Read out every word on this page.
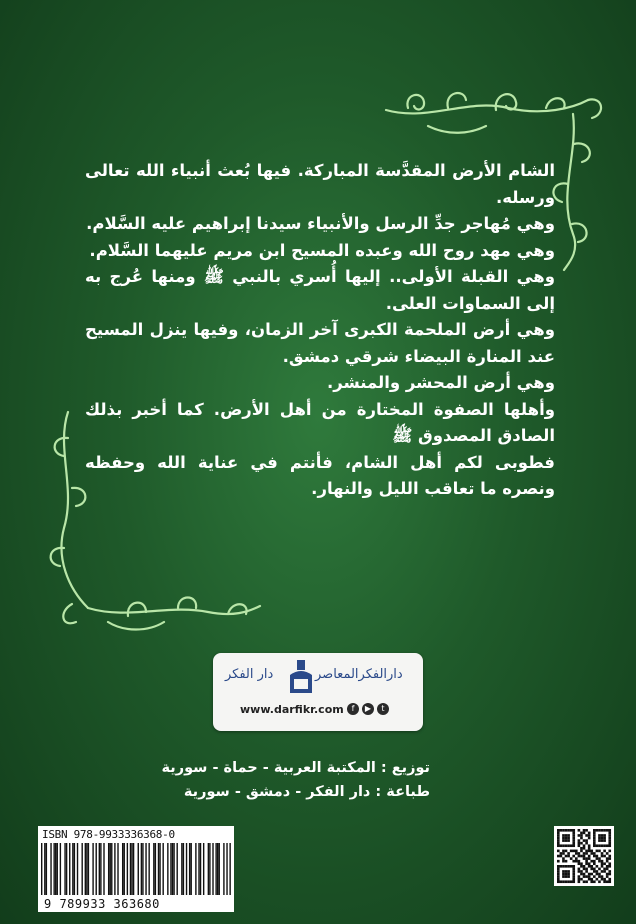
الشام الأرض المقدَّسة المباركة. فيها بُعث أنبياء الله تعالى ورسله.

وهي مُهاجر جدِّ الرسل والأنبياء سيدنا إبراهيم عليه السَّلام.

وهي مهد روح الله وعبده المسيح ابن مريم عليهما السَّلام.

وهي القبلة الأولى.. إليها أُسري بالنبي ﷺ ومنها عُرج به إلى السماوات العلى.

وهي أرض الملحمة الكبرى آخر الزمان، وفيها ينزل المسيح عند المنارة البيضاء شرقي دمشق.

وهي أرض المحشر والمنشر.

وأهلها الصفوة المختارة من أهل الأرض. كما أخبر بذلك الصادق المصدوق ﷺ

فطوبى لكم أهل الشام، فأنتم في عناية الله وحفظه ونصره ما تعاقب الليل والنهار.

دار الفكر	دارالفكرالمعاصر
www.darfikr.com f	▶	t
توزيع : المكتبة العربية - حماة - سورية
طباعة : دار الفكر - دمشق - سورية
ISBN 978-9933336368-0
9 789933 363680
